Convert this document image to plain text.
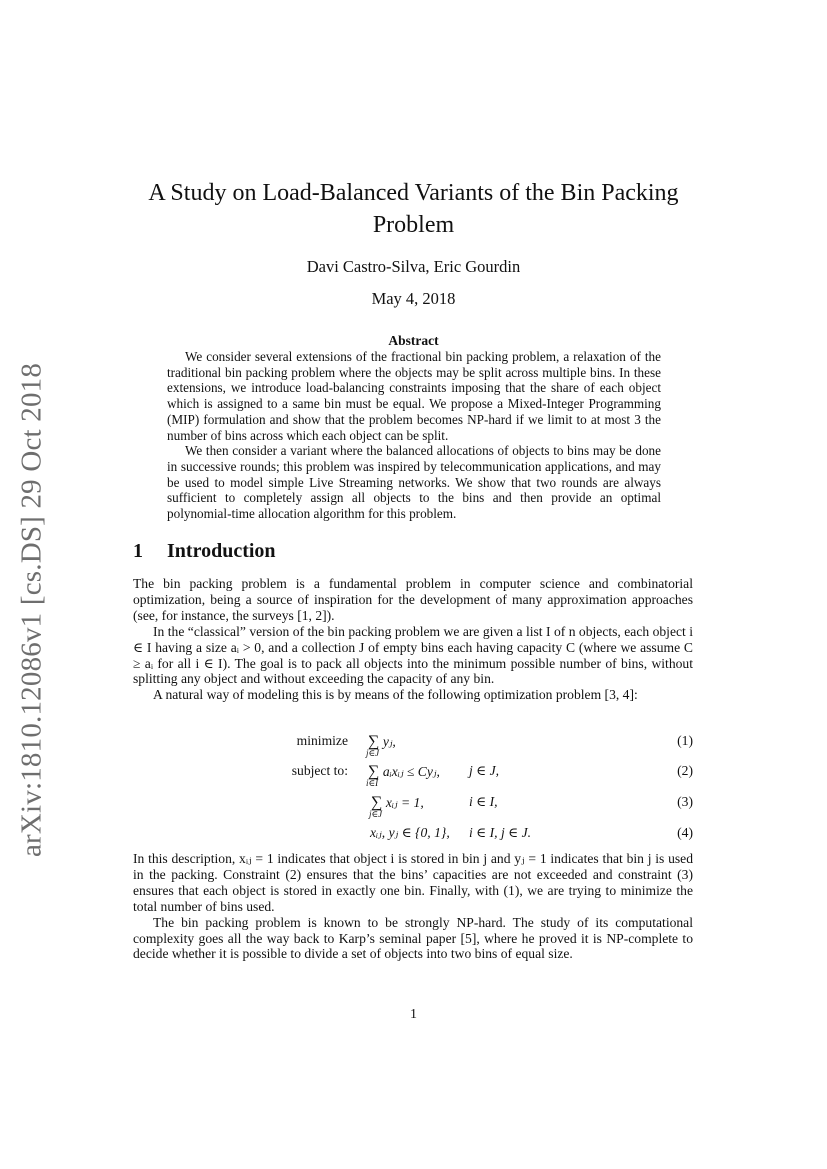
arXiv:1810.12086v1 [cs.DS] 29 Oct 2018
A Study on Load-Balanced Variants of the Bin Packing
Problem
Davi Castro-Silva, Eric Gourdin
May 4, 2018
Abstract

We consider several extensions of the fractional bin packing problem, a relaxation of the traditional bin packing problem where the objects may be split across multiple bins. In these extensions, we introduce load-balancing constraints imposing that the share of each object which is assigned to a same bin must be equal. We propose a Mixed-Integer Programming (MIP) formulation and show that the problem becomes NP-hard if we limit to at most 3 the number of bins across which each object can be split.

We then consider a variant where the balanced allocations of objects to bins may be done in successive rounds; this problem was inspired by telecommunication applications, and may be used to model simple Live Streaming networks. We show that two rounds are always sufficient to completely assign all objects to the bins and then provide an optimal polynomial-time allocation algorithm for this problem.

1 Introduction

The bin packing problem is a fundamental problem in computer science and combinatorial optimization, being a source of inspiration for the development of many approximation approaches (see, for instance, the surveys [1, 2]).

In the “classical” version of the bin packing problem we are given a list I of n objects, each object i ∈ I having a size aᵢ > 0, and a collection J of empty bins each having capacity C (where we assume C ≥ aᵢ for all i ∈ I). The goal is to pack all objects into the minimum possible number of bins, without splitting any object and without exceeding the capacity of any bin.

A natural way of modeling this is by means of the following optimization problem [3, 4]:

minimize ∑
j∈J
yⱼ,	(1)
subject to: ∑
i∈I
aᵢxᵢⱼ ≤ Cyⱼ, j ∈ J,	(2)
∑
j∈J
xᵢⱼ = 1,	i ∈ I,	(3)
xᵢⱼ, yⱼ ∈ {0, 1}, i ∈ I, j ∈ J.	(4)

In this description, xᵢⱼ = 1 indicates that object i is stored in bin j and yⱼ = 1 indicates that bin j is used in the packing. Constraint (2) ensures that the bins’ capacities are not exceeded and constraint (3) ensures that each object is stored in exactly one bin. Finally, with (1), we are trying to minimize the total number of bins used.

The bin packing problem is known to be strongly NP-hard. The study of its computational complexity goes all the way back to Karp’s seminal paper [5], where he proved it is NP-complete to decide whether it is possible to divide a set of objects into two bins of equal size.

1
